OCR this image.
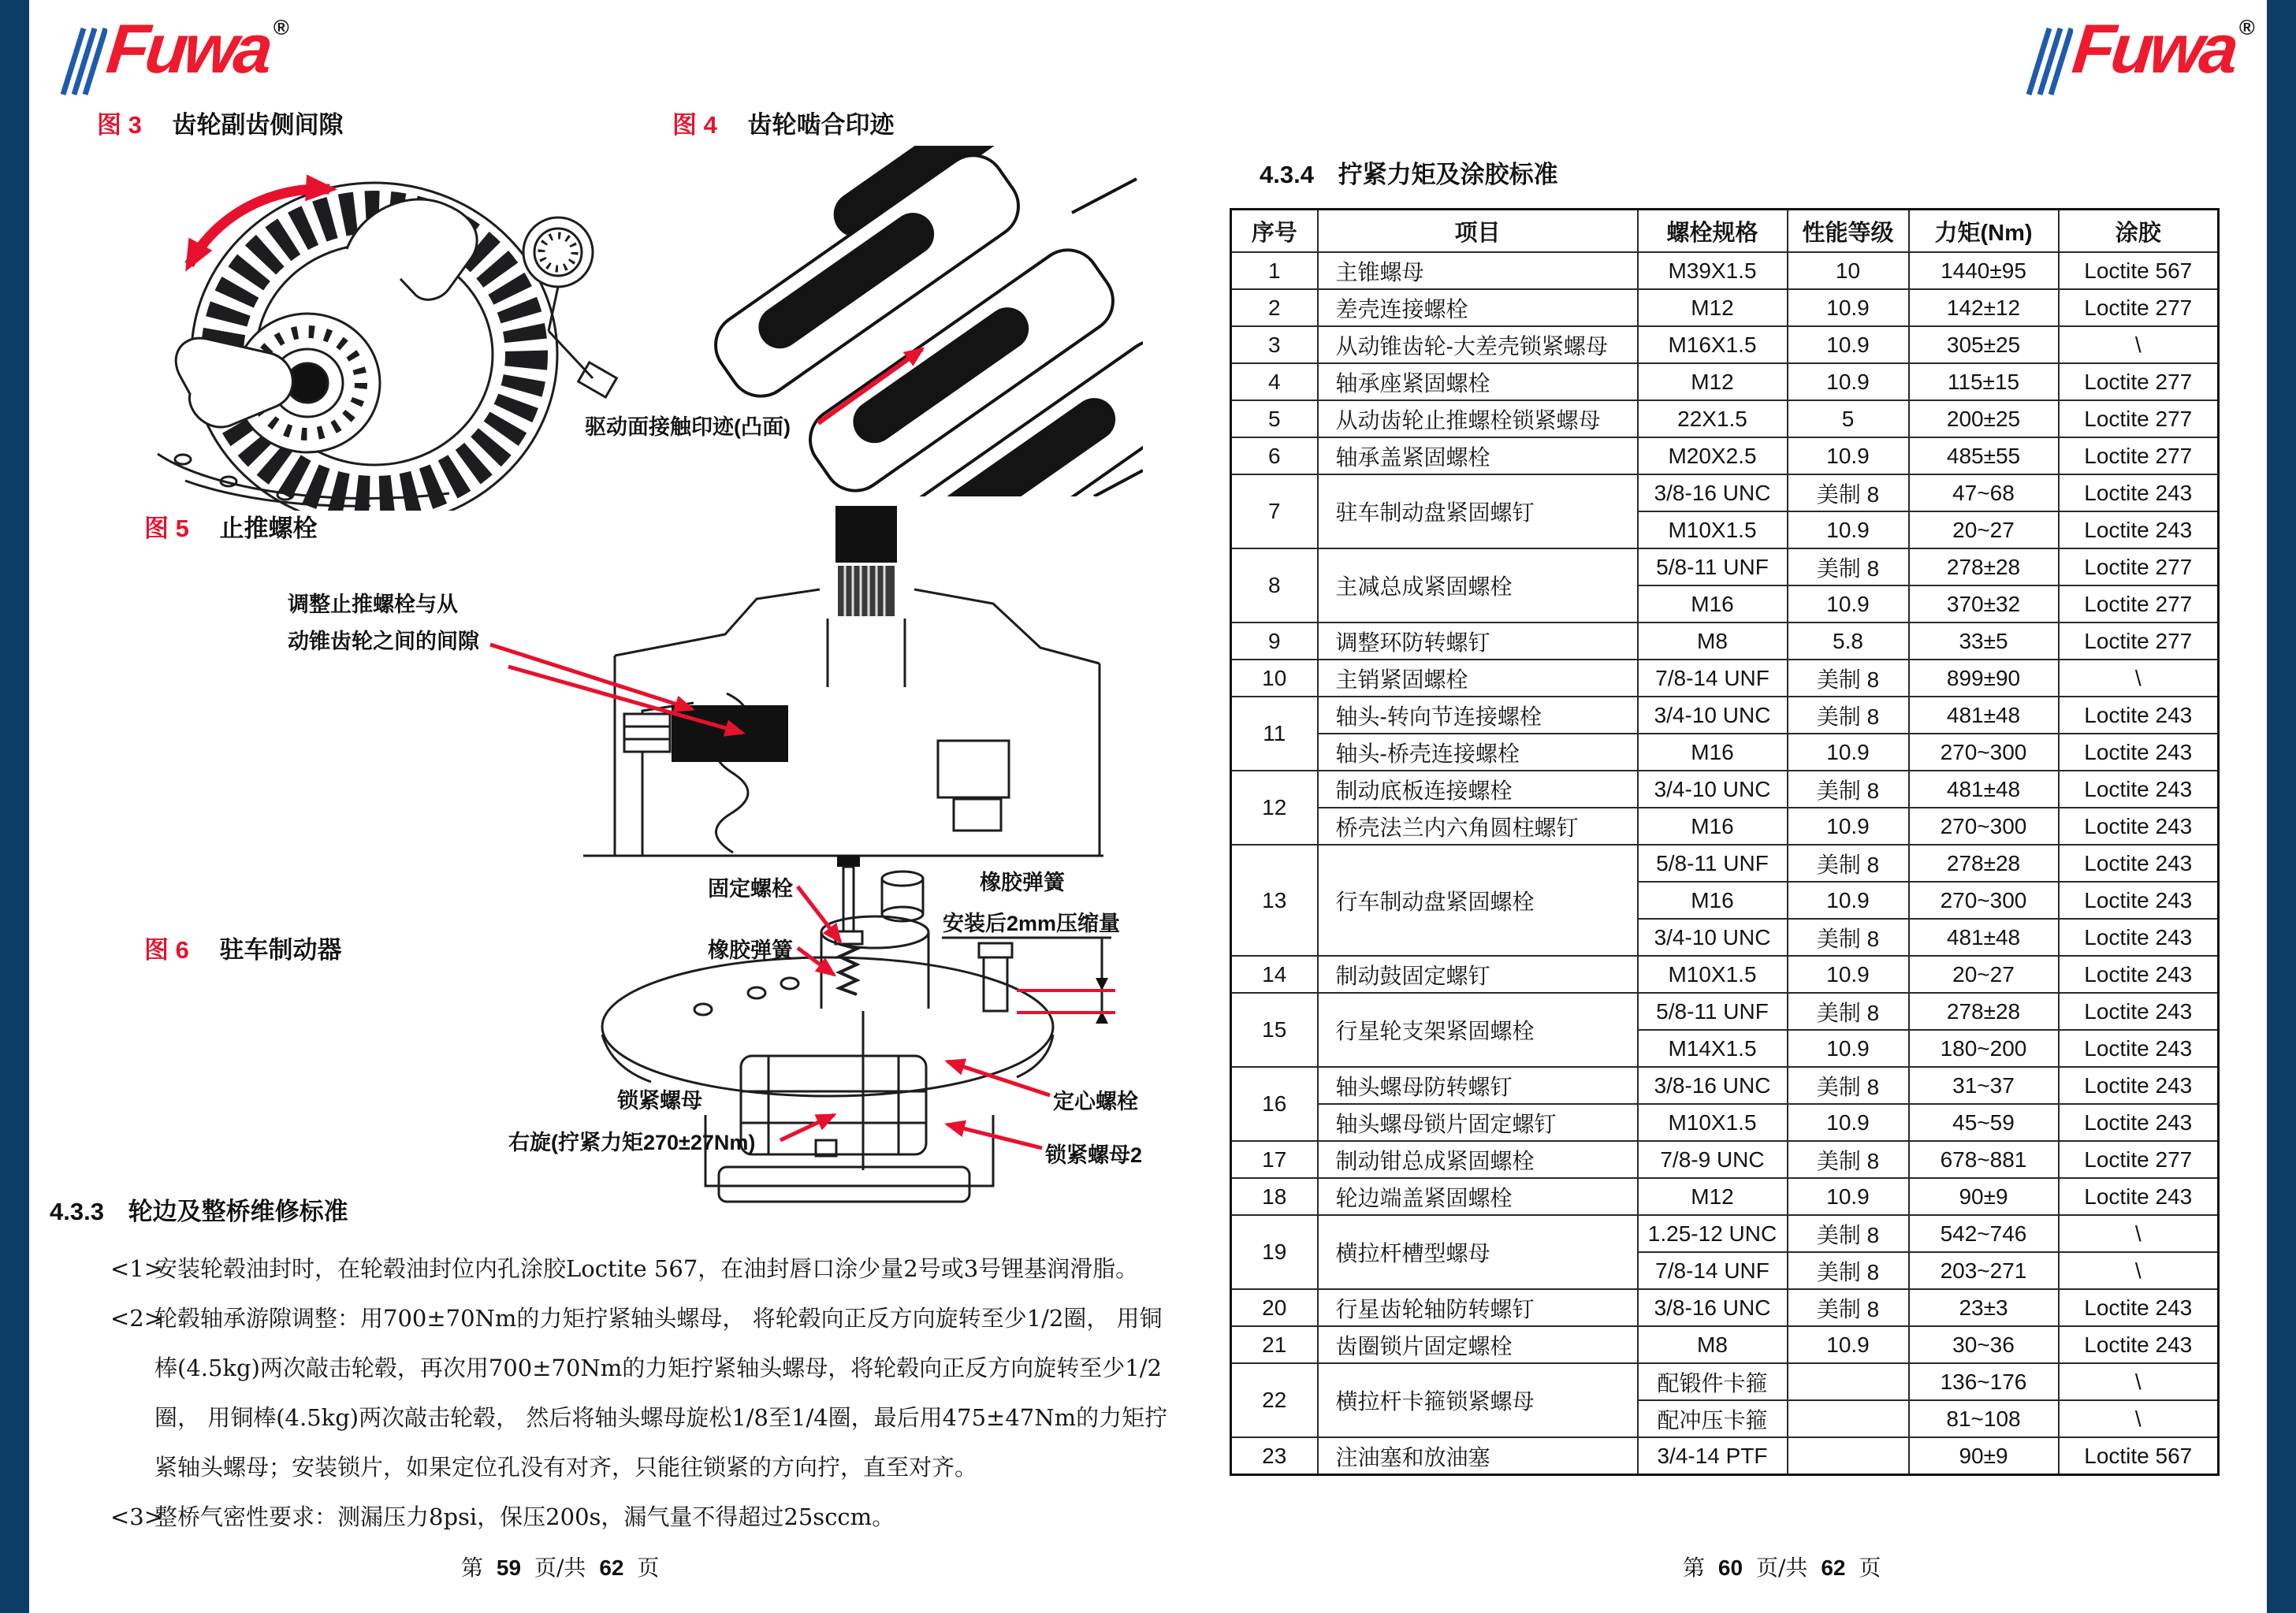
Fuwa ®	Fuwa ®
图 3 齿轮副齿侧间隙	图 4 齿轮啮合印迹
驱动面接触印迹(凸面)
图 5 止推螺栓
调整止推螺栓与从
动锥齿轮之间的间隙
图 6 驻车制动器
固定螺栓
橡胶弹簧
橡胶弹簧
安装后2mm压缩量
锁紧螺母
右旋(拧紧力矩270±27Nm)
定心螺栓
锁紧螺母2
4.3.3 轮边及整桥维修标准
<1>安装轮毂油封时，在轮毂油封位内孔涂胶Loctite 567，在油封唇口涂少量2号或3号锂基润滑脂。
<2>轮毂轴承游隙调整：用700±70Nm的力矩拧紧轴头螺母， 将轮毂向正反方向旋转至少1/2圈， 用铜
棒(4.5kg)两次敲击轮毂，再次用700±70Nm的力矩拧紧轴头螺母，将轮毂向正反方向旋转至少1/2
圈， 用铜棒(4.5kg)两次敲击轮毂， 然后将轴头螺母旋松1/8至1/4圈，最后用475±47Nm的力矩拧
紧轴头螺母；安装锁片，如果定位孔没有对齐，只能往锁紧的方向拧，直至对齐。
<3>整桥气密性要求：测漏压力8psi，保压200s，漏气量不得超过25sccm。
第 59 页/共 62 页	第 60 页/共 62 页
4.3.4 拧紧力矩及涂胶标准
序号	项目	螺栓规格	性能等级	力矩(Nm)	涂胶
1	主锥螺母	M39X1.5	10	1440±95	Loctite 567
2	差壳连接螺栓	M12	10.9	142±12	Loctite 277
3	从动锥齿轮-大差壳锁紧螺母	M16X1.5	10.9	305±25	\
4	轴承座紧固螺栓	M12	10.9	115±15	Loctite 277
5	从动齿轮止推螺栓锁紧螺母	22X1.5	5	200±25	Loctite 277
6	轴承盖紧固螺栓	M20X2.5	10.9	485±55	Loctite 277
7	驻车制动盘紧固螺钉	3/8-16 UNC	美制 8	47~68	Loctite 243
		M10X1.5	10.9	20~27	Loctite 243
8	主减总成紧固螺栓	5/8-11 UNF	美制 8	278±28	Loctite 277
		M16	10.9	370±32	Loctite 277
9	调整环防转螺钉	M8	5.8	33±5	Loctite 277
10	主销紧固螺栓	7/8-14 UNF	美制 8	899±90	\
11	轴头-转向节连接螺栓	3/4-10 UNC	美制 8	481±48	Loctite 243
	轴头-桥壳连接螺栓	M16	10.9	270~300	Loctite 243
12	制动底板连接螺栓	3/4-10 UNC	美制 8	481±48	Loctite 243
	桥壳法兰内六角圆柱螺钉	M16	10.9	270~300	Loctite 243
13	行车制动盘紧固螺栓	5/8-11 UNF	美制 8	278±28	Loctite 243
		M16	10.9	270~300	Loctite 243
		3/4-10 UNC	美制 8	481±48	Loctite 243
14	制动鼓固定螺钉	M10X1.5	10.9	20~27	Loctite 243
15	行星轮支架紧固螺栓	5/8-11 UNF	美制 8	278±28	Loctite 243
		M14X1.5	10.9	180~200	Loctite 243
16	轴头螺母防转螺钉	3/8-16 UNC	美制 8	31~37	Loctite 243
	轴头螺母锁片固定螺钉	M10X1.5	10.9	45~59	Loctite 243
17	制动钳总成紧固螺栓	7/8-9 UNC	美制 8	678~881	Loctite 277
18	轮边端盖紧固螺栓	M12	10.9	90±9	Loctite 243
19	横拉杆槽型螺母	1.25-12 UNC	美制 8	542~746	\
		7/8-14 UNF	美制 8	203~271	\
20	行星齿轮轴防转螺钉	3/8-16 UNC	美制 8	23±3	Loctite 243
21	齿圈锁片固定螺栓	M8	10.9	30~36	Loctite 243
22	横拉杆卡箍锁紧螺母	配锻件卡箍		136~176	\
		配冲压卡箍		81~108	\
23	注油塞和放油塞	3/4-14 PTF		90±9	Loctite 567
